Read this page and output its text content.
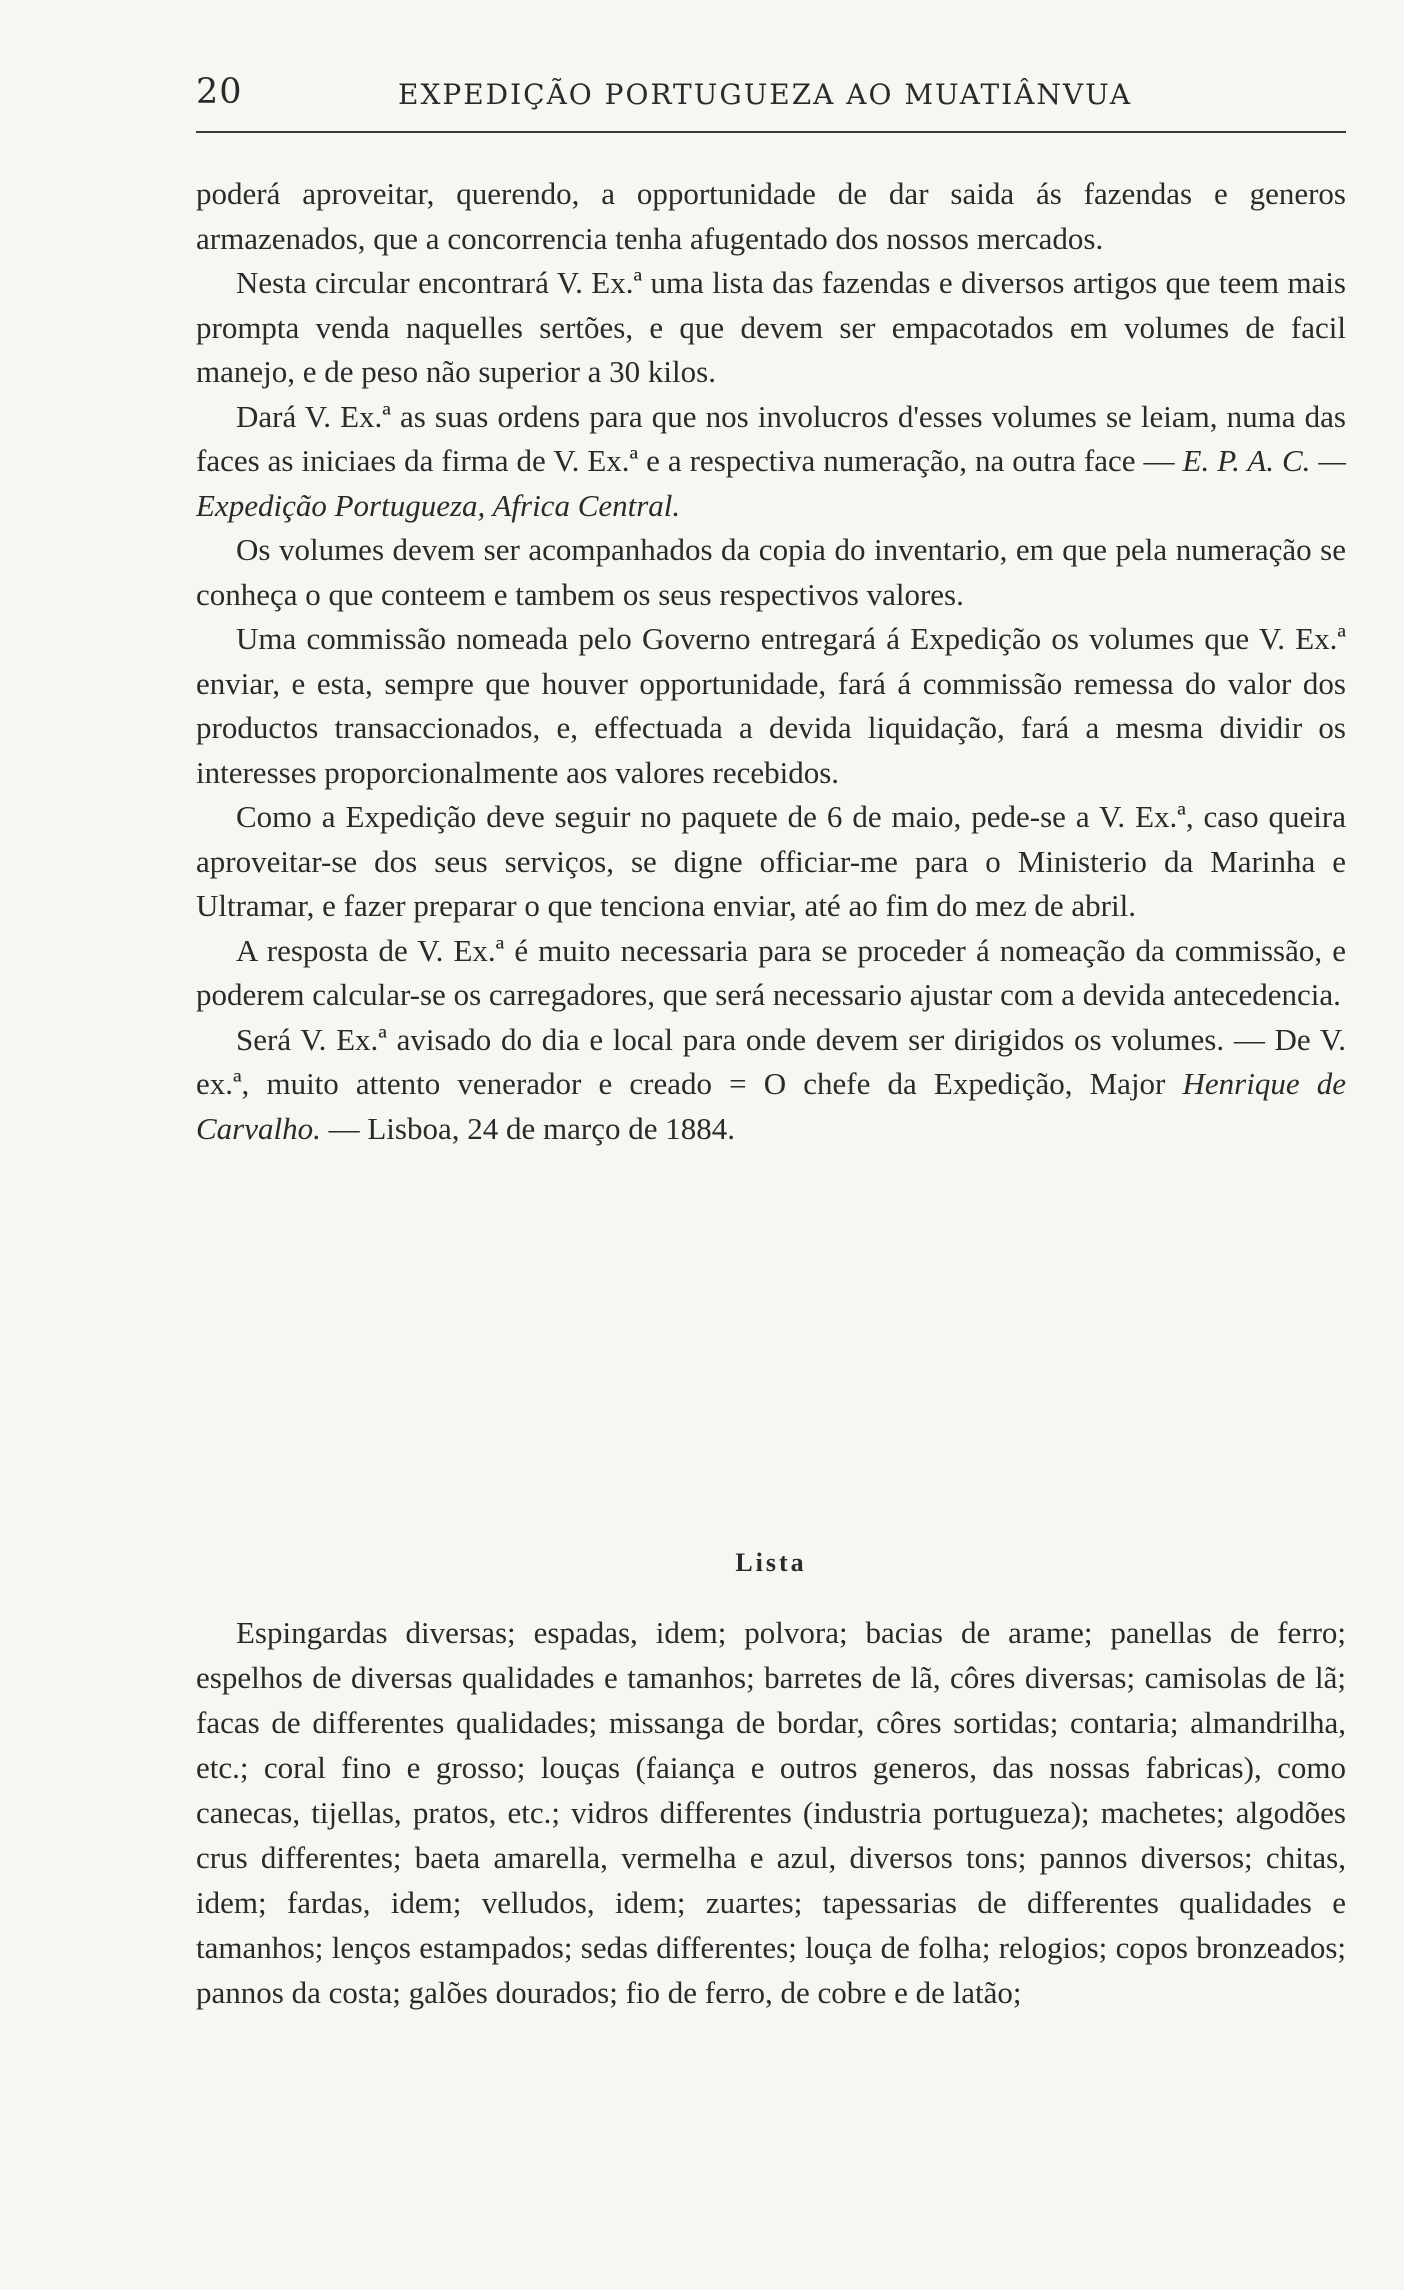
20	EXPEDIÇÃO PORTUGUEZA AO MUATIÂNVUA

poderá aproveitar, querendo, a opportunidade de dar saida ás fazendas e generos armazenados, que a concorrencia tenha afugentado dos nossos mercados.

Nesta circular encontrará V. Ex.ª uma lista das fazendas e diversos artigos que teem mais prompta venda naquelles sertões, e que devem ser empacotados em volumes de facil manejo, e de peso não superior a 30 kilos.

Dará V. Ex.ª as suas ordens para que nos involucros d'esses volumes se leiam, numa das faces as iniciaes da firma de V. Ex.ª e a respectiva numeração, na outra face — E. P. A. C. — Expedição Portugueza, Africa Central.

Os volumes devem ser acompanhados da copia do inventario, em que pela numeração se conheça o que conteem e tambem os seus respectivos valores.

Uma commissão nomeada pelo Governo entregará á Expedição os volumes que V. Ex.ª enviar, e esta, sempre que houver opportunidade, fará á commissão remessa do valor dos productos transaccionados, e, effectuada a devida liquidação, fará a mesma dividir os interesses proporcionalmente aos valores recebidos.

Como a Expedição deve seguir no paquete de 6 de maio, pede-se a V. Ex.ª, caso queira aproveitar-se dos seus serviços, se digne officiar-me para o Ministerio da Marinha e Ultramar, e fazer preparar o que tenciona enviar, até ao fim do mez de abril.

A resposta de V. Ex.ª é muito necessaria para se proceder á nomeação da commissão, e poderem calcular-se os carregadores, que será necessario ajustar com a devida antecedencia.

Será V. Ex.ª avisado do dia e local para onde devem ser dirigidos os volumes. — De V. ex.ª, muito attento venerador e creado = O chefe da Expedição, Major Henrique de Carvalho. — Lisboa, 24 de março de 1884.

Lista

Espingardas diversas; espadas, idem; polvora; bacias de arame; panellas de ferro; espelhos de diversas qualidades e tamanhos; barretes de lã, côres diversas; camisolas de lã; facas de differentes qualidades; missanga de bordar, côres sortidas; contaria; almandrilha, etc.; coral fino e grosso; louças (faiança e outros generos, das nossas fabricas), como canecas, tijellas, pratos, etc.; vidros differentes (industria portugueza); machetes; algodões crus differentes; baeta amarella, vermelha e azul, diversos tons; pannos diversos; chitas, idem; fardas, idem; velludos, idem; zuartes; tapessarias de differentes qualidades e tamanhos; lenços estampados; sedas differentes; louça de folha; relogios; copos bronzeados; pannos da costa; galões dourados; fio de ferro, de cobre e de latão;
